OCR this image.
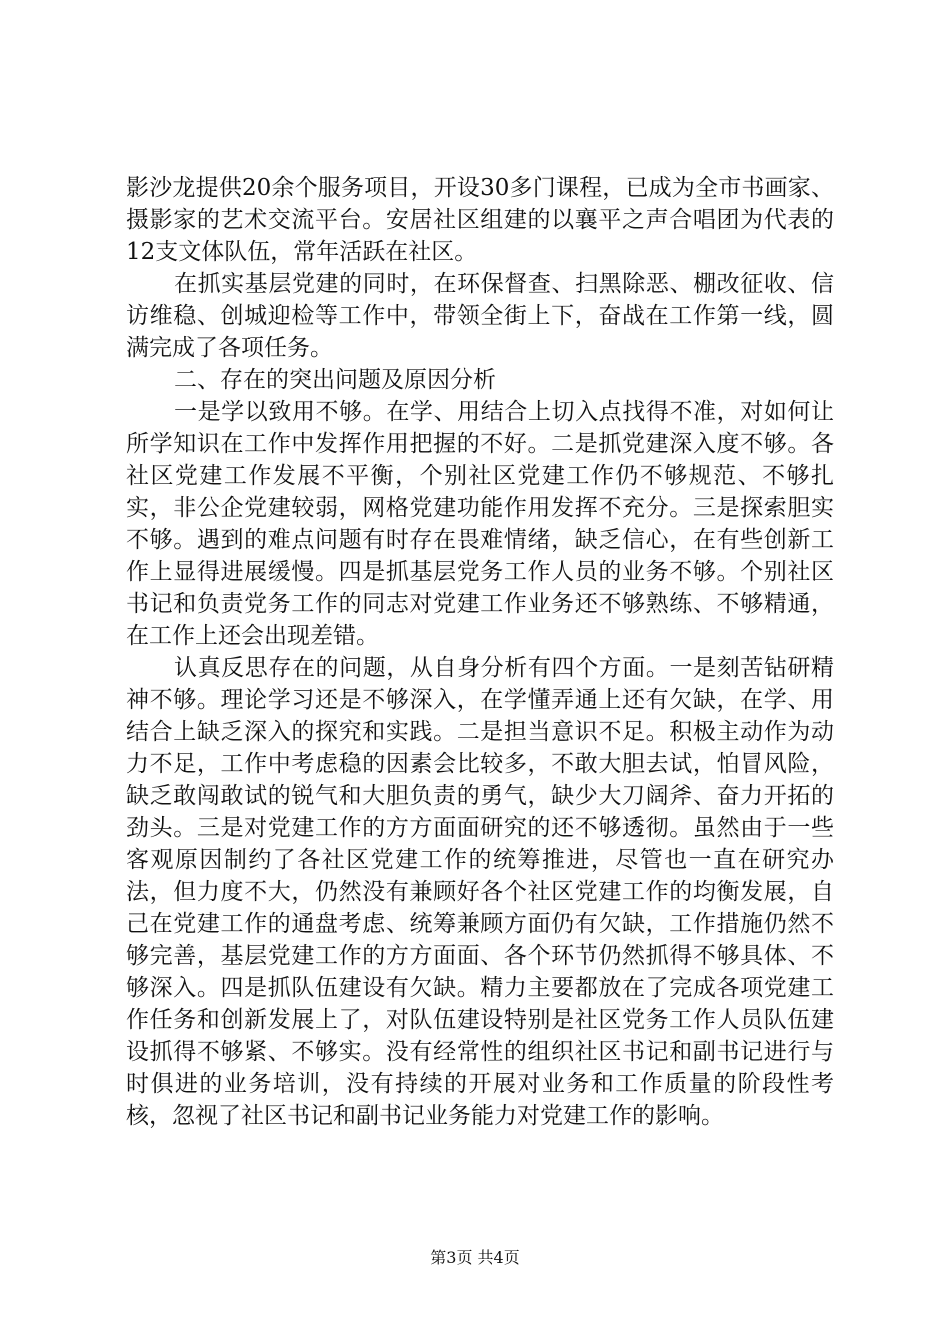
影沙龙提供20余个服务项目，开设30多门课程，已成为全市书画家、摄影家的艺术交流平台。安居社区组建的以襄平之声合唱团为代表的12支文体队伍，常年活跃在社区。

在抓实基层党建的同时，在环保督查、扫黑除恶、棚改征收、信访维稳、创城迎检等工作中，带领全街上下，奋战在工作第一线，圆满完成了各项任务。

二、存在的突出问题及原因分析

一是学以致用不够。在学、用结合上切入点找得不准，对如何让所学知识在工作中发挥作用把握的不好。二是抓党建深入度不够。各社区党建工作发展不平衡，个别社区党建工作仍不够规范、不够扎实，非公企党建较弱，网格党建功能作用发挥不充分。三是探索胆实不够。遇到的难点问题有时存在畏难情绪，缺乏信心，在有些创新工作上显得进展缓慢。四是抓基层党务工作人员的业务不够。个别社区书记和负责党务工作的同志对党建工作业务还不够熟练、不够精通，在工作上还会出现差错。

认真反思存在的问题，从自身分析有四个方面。一是刻苦钻研精神不够。理论学习还是不够深入，在学懂弄通上还有欠缺，在学、用结合上缺乏深入的探究和实践。二是担当意识不足。积极主动作为动力不足，工作中考虑稳的因素会比较多，不敢大胆去试，怕冒风险，缺乏敢闯敢试的锐气和大胆负责的勇气，缺少大刀阔斧、奋力开拓的劲头。三是对党建工作的方方面面研究的还不够透彻。虽然由于一些客观原因制约了各社区党建工作的统筹推进，尽管也一直在研究办法，但力度不大，仍然没有兼顾好各个社区党建工作的均衡发展，自己在党建工作的通盘考虑、统筹兼顾方面仍有欠缺，工作措施仍然不够完善，基层党建工作的方方面面、各个环节仍然抓得不够具体、不够深入。四是抓队伍建设有欠缺。精力主要都放在了完成各项党建工作任务和创新发展上了，对队伍建设特别是社区党务工作人员队伍建设抓得不够紧、不够实。没有经常性的组织社区书记和副书记进行与时俱进的业务培训，没有持续的开展对业务和工作质量的阶段性考核，忽视了社区书记和副书记业务能力对党建工作的影响。

第3页 共4页
